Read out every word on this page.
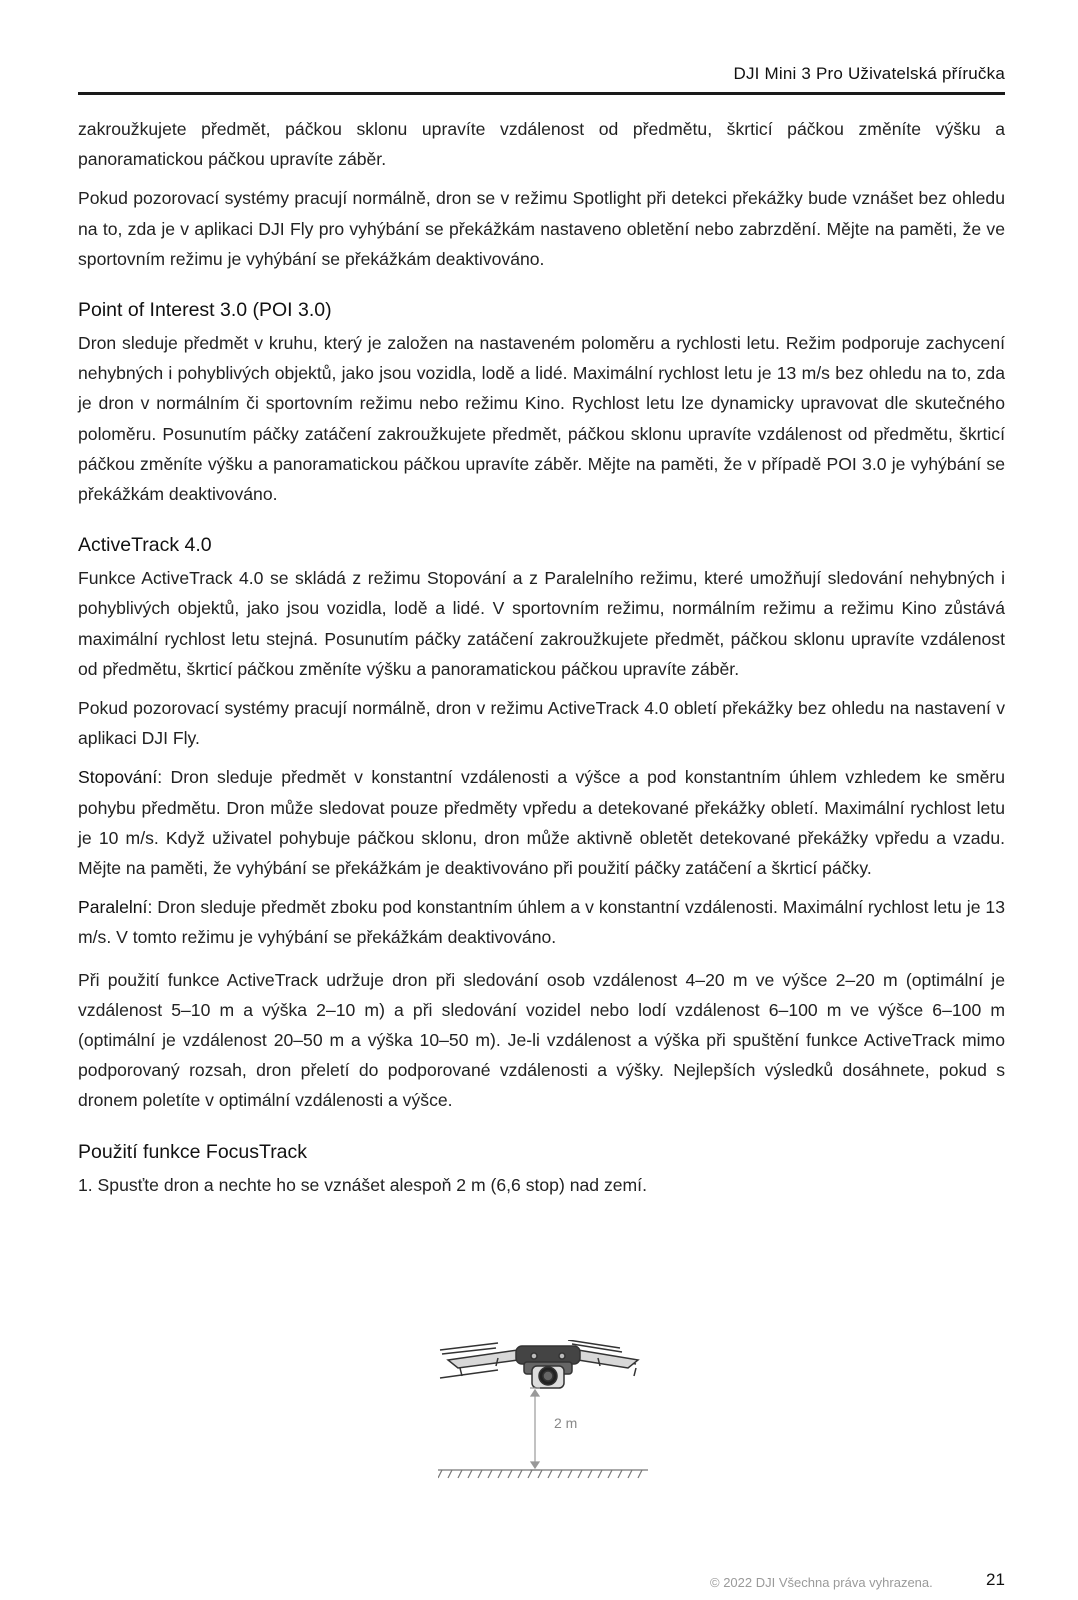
DJI Mini 3 Pro Uživatelská příručka

zakroužkujete předmět, páčkou sklonu upravíte vzdálenost od předmětu, škrticí páčkou změníte výšku a panoramatickou páčkou upravíte záběr.

Pokud pozorovací systémy pracují normálně, dron se v režimu Spotlight při detekci překážky bude vznášet bez ohledu na to, zda je v aplikaci DJI Fly pro vyhýbání se překážkám nastaveno obletění nebo zabrzdění. Mějte na paměti, že ve sportovním režimu je vyhýbání se překážkám deaktivováno.

Point of Interest 3.0 (POI 3.0)

Dron sleduje předmět v kruhu, který je založen na nastaveném poloměru a rychlosti letu. Režim podporuje zachycení nehybných i pohyblivých objektů, jako jsou vozidla, lodě a lidé. Maximální rychlost letu je 13 m/s bez ohledu na to, zda je dron v normálním či sportovním režimu nebo režimu Kino. Rychlost letu lze dynamicky upravovat dle skutečného poloměru. Posunutím páčky zatáčení zakroužkujete předmět, páčkou sklonu upravíte vzdálenost od předmětu, škrticí páčkou změníte výšku a panoramatickou páčkou upravíte záběr. Mějte na paměti, že v případě POI 3.0 je vyhýbání se překážkám deaktivováno.

ActiveTrack 4.0

Funkce ActiveTrack 4.0 se skládá z režimu Stopování a z Paralelního režimu, které umožňují sledování nehybných i pohyblivých objektů, jako jsou vozidla, lodě a lidé. V sportovním režimu, normálním režimu a režimu Kino zůstává maximální rychlost letu stejná. Posunutím páčky zatáčení zakroužkujete předmět, páčkou sklonu upravíte vzdálenost od předmětu, škrticí páčkou změníte výšku a panoramatickou páčkou upravíte záběr.

Pokud pozorovací systémy pracují normálně, dron v režimu ActiveTrack 4.0 obletí překážky bez ohledu na nastavení v aplikaci DJI Fly.

Stopování: Dron sleduje předmět v konstantní vzdálenosti a výšce a pod konstantním úhlem vzhledem ke směru pohybu předmětu. Dron může sledovat pouze předměty vpředu a detekované překážky obletí. Maximální rychlost letu je 10 m/s. Když uživatel pohybuje páčkou sklonu, dron může aktivně obletět detekované překážky vpředu a vzadu. Mějte na paměti, že vyhýbání se překážkám je deaktivováno při použití páčky zatáčení a škrticí páčky.

Paralelní: Dron sleduje předmět zboku pod konstantním úhlem a v konstantní vzdálenosti. Maximální rychlost letu je 13 m/s. V tomto režimu je vyhýbání se překážkám deaktivováno.

Při použití funkce ActiveTrack udržuje dron při sledování osob vzdálenost 4–20 m ve výšce 2–20 m (optimální je vzdálenost 5–10 m a výška 2–10 m) a při sledování vozidel nebo lodí vzdálenost 6–100 m ve výšce 6–100 m (optimální je vzdálenost 20–50 m a výška 10–50 m). Je-li vzdálenost a výška při spuštění funkce ActiveTrack mimo podporovaný rozsah, dron přeletí do podporované vzdálenosti a výšky. Nejlepších výsledků dosáhnete, pokud s dronem poletíte v optimální vzdálenosti a výšce.

Použití funkce FocusTrack

1. Spusťte dron a nechte ho se vznášet alespoň 2 m (6,6 stop) nad zemí.

2 m
© 2022 DJI Všechna práva vyhrazena.	21
